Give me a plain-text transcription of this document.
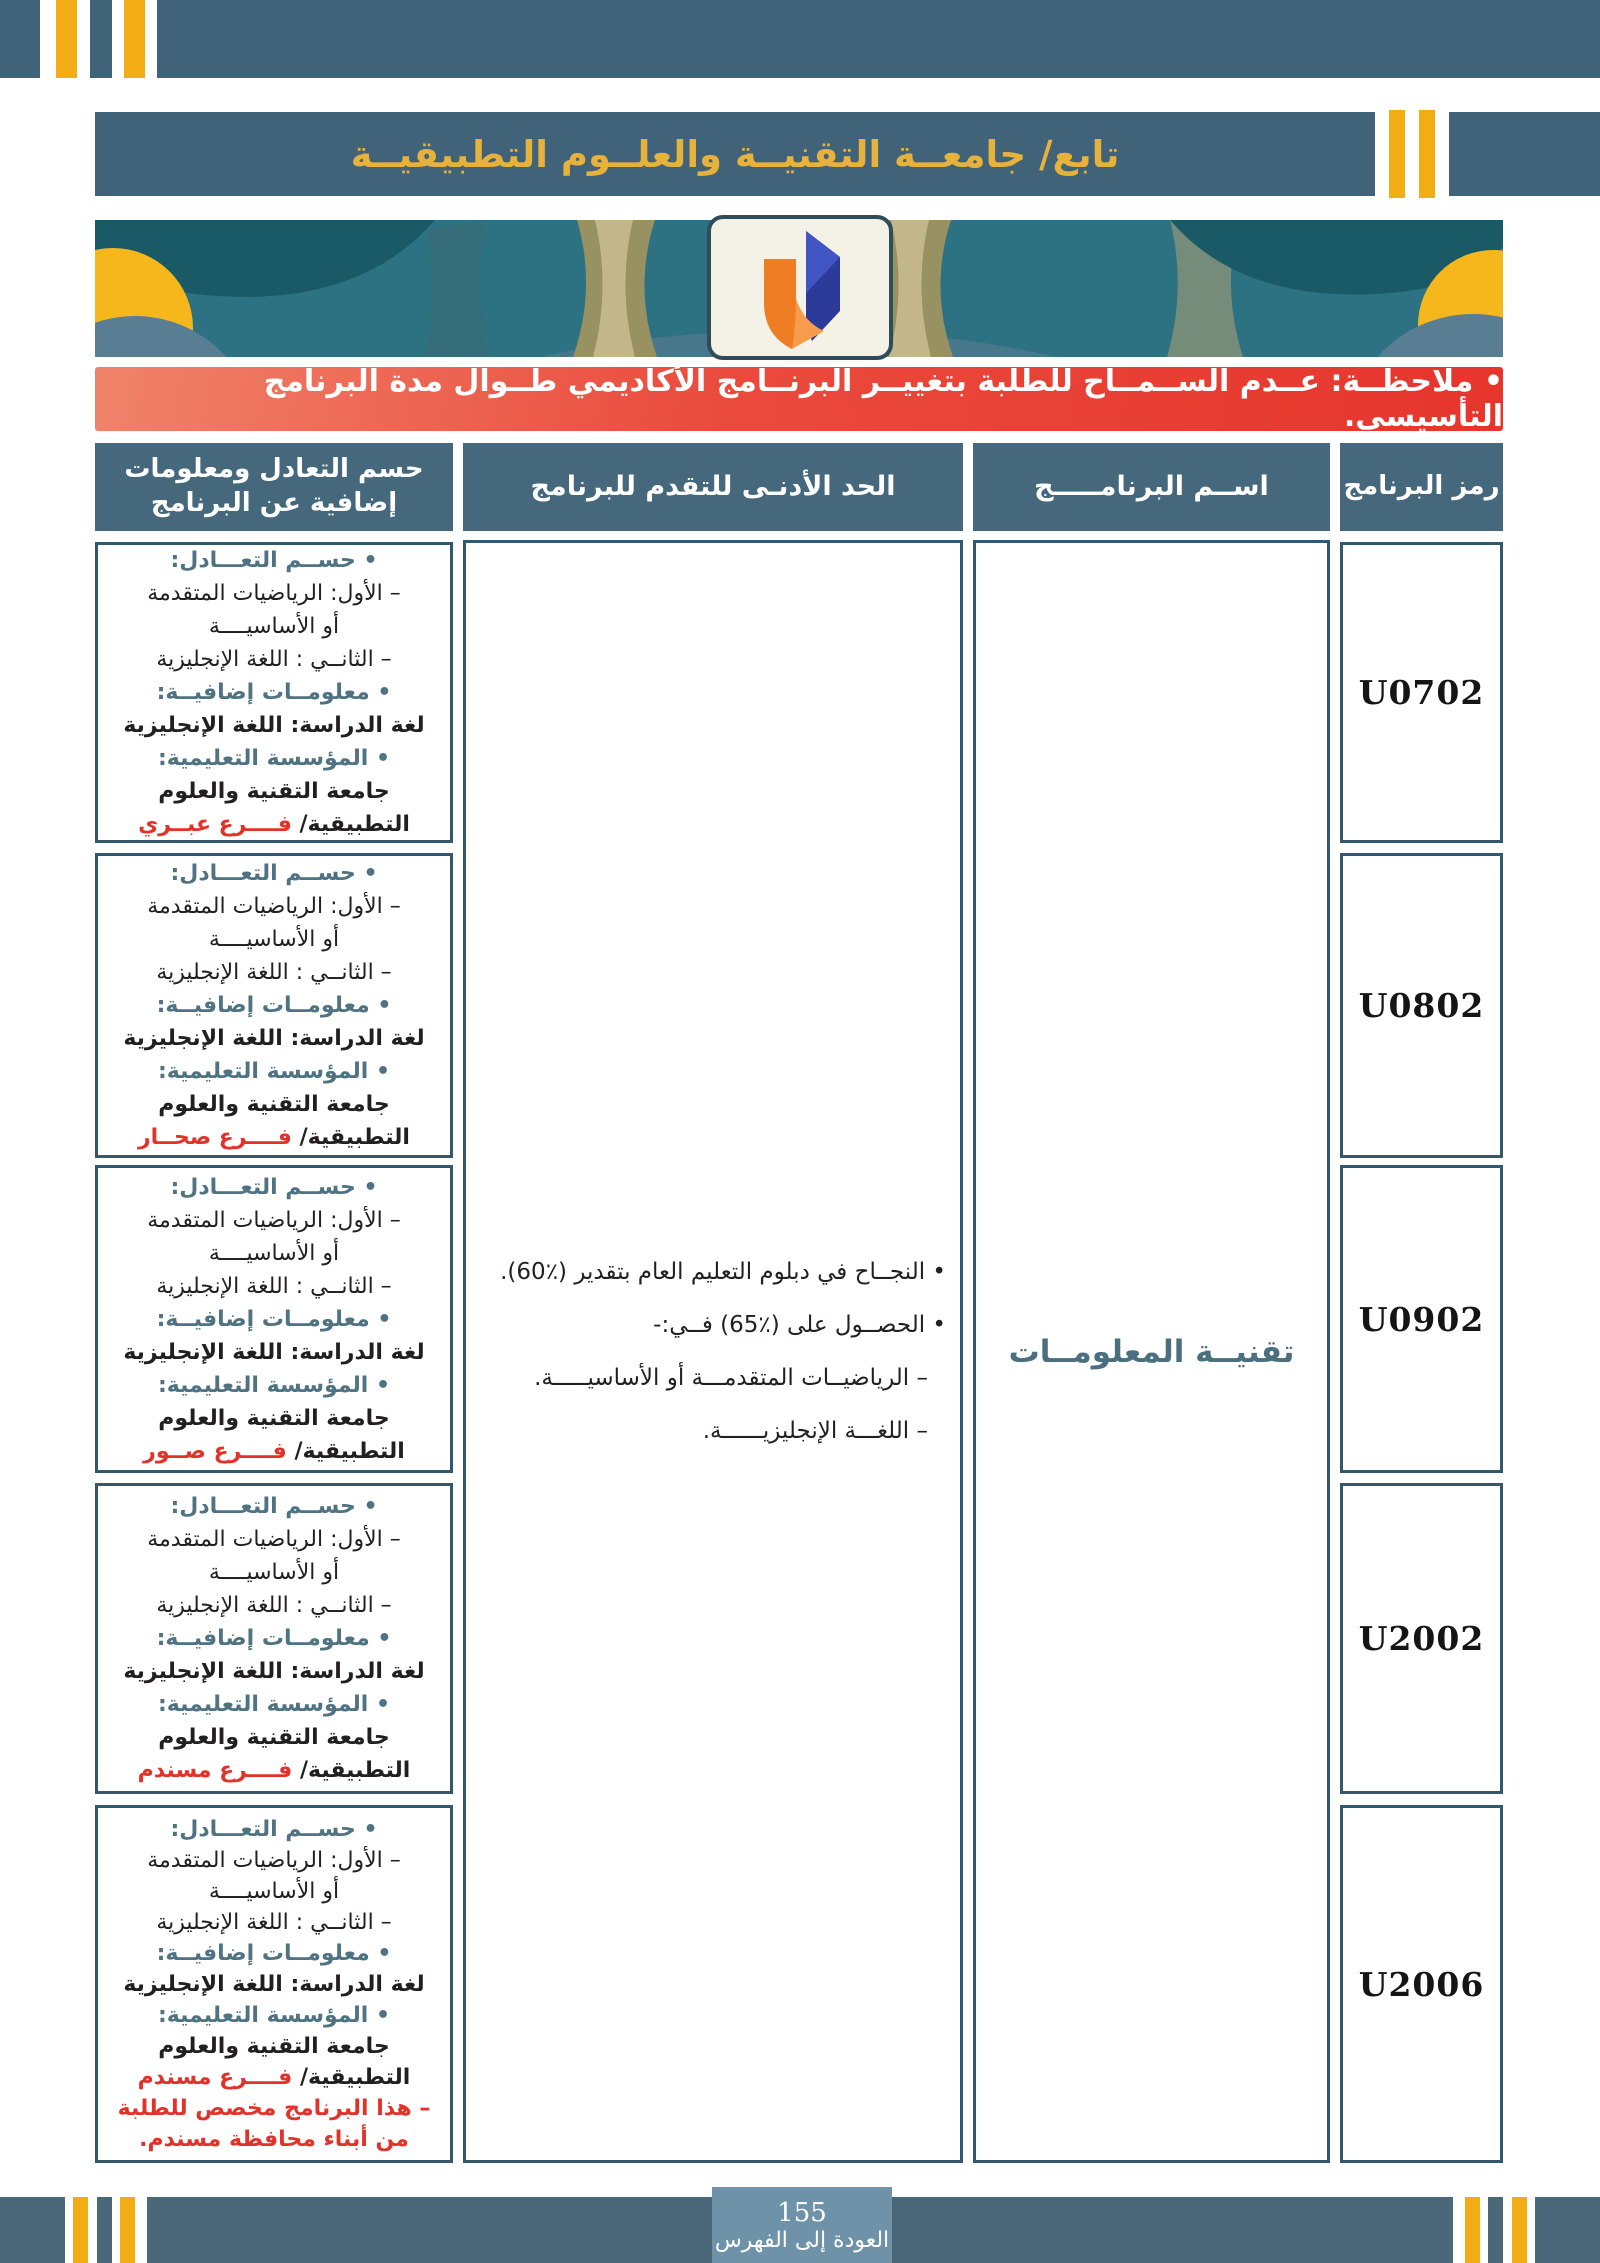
تابع/ جامعــة التقنيــة والعلــوم التطبيقيــة
• ملاحظــة: عــدم الســمــاح للطلبة بتغييــر البرنــامج الأكاديمي طــوال مدة البرنامج التأسيسي.
رمز البرنامج
اســم البرنامـــــج
الحد الأدنـى للتقدم للبرنامج
حسم التعادل ومعلومات إضافية عن البرنامج
تقنيــة المعلومــات
• النجــاح في دبلوم التعليم العام بتقدير (٪60).
• الحصــول على (٪65) فــي:-
– الرياضيــات المتقدمـــة أو الأساسيـــــة.
– اللغـــة الإنجليزيــــــة.
U0702
U0802
U0902
U2002
U2006
• حســم التعـــادل:
– الأول: الرياضيات المتقدمة
أو الأساسيــــة
– الثانــي : اللغة الإنجليزية
• معلومــات إضافيــة:
لغة الدراسة: اللغة الإنجليزية
• المؤسسة التعليمية:
جامعة التقنية والعلوم
التطبيقية/ فــــرع عبــري
• حســم التعـــادل:
– الأول: الرياضيات المتقدمة
أو الأساسيــــة
– الثانــي : اللغة الإنجليزية
• معلومــات إضافيــة:
لغة الدراسة: اللغة الإنجليزية
• المؤسسة التعليمية:
جامعة التقنية والعلوم
التطبيقية/ فــــرع صحــار
• حســم التعـــادل:
– الأول: الرياضيات المتقدمة
أو الأساسيــــة
– الثانــي : اللغة الإنجليزية
• معلومــات إضافيــة:
لغة الدراسة: اللغة الإنجليزية
• المؤسسة التعليمية:
جامعة التقنية والعلوم
التطبيقية/ فــــرع صــور
• حســم التعـــادل:
– الأول: الرياضيات المتقدمة
أو الأساسيــــة
– الثانــي : اللغة الإنجليزية
• معلومــات إضافيــة:
لغة الدراسة: اللغة الإنجليزية
• المؤسسة التعليمية:
جامعة التقنية والعلوم
التطبيقية/ فــــرع مسندم
• حســم التعـــادل:
– الأول: الرياضيات المتقدمة
أو الأساسيــــة
– الثانــي : اللغة الإنجليزية
• معلومــات إضافيــة:
لغة الدراسة: اللغة الإنجليزية
• المؤسسة التعليمية:
جامعة التقنية والعلوم
التطبيقية/ فــــرع مسندم
– هذا البرنامج مخصص للطلبة
من أبناء محافظة مسندم.
155
العودة إلى الفهرس
